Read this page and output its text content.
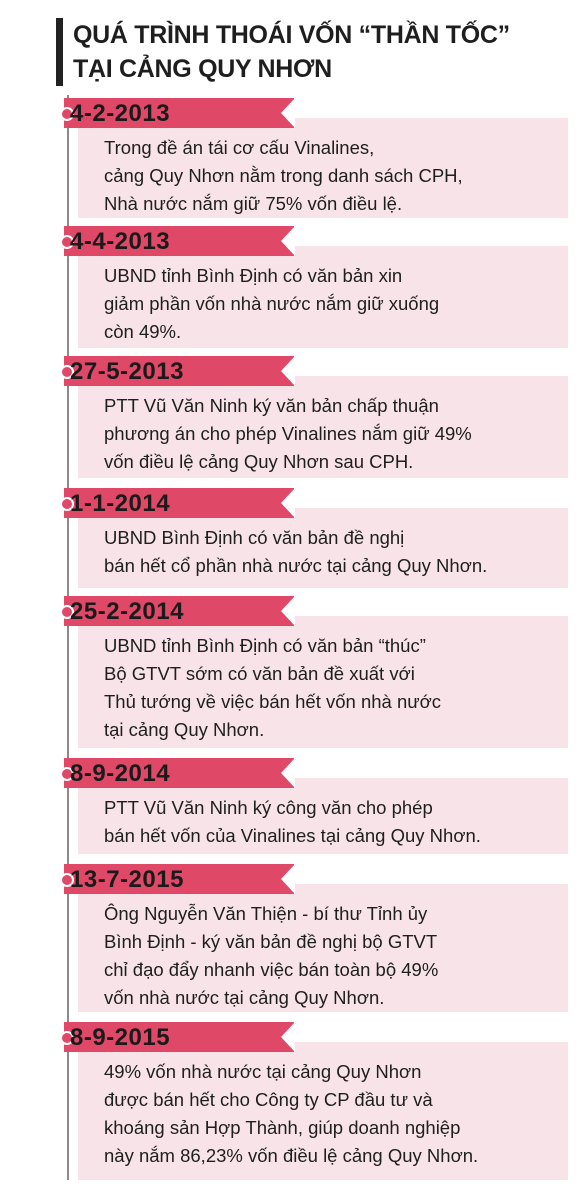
QUÁ TRÌNH THOÁI VỐN “THẦN TỐC”
TẠI CẢNG QUY NHƠN
4-2-2013
Trong đề án tái cơ cấu Vinalines,
cảng Quy Nhơn nằm trong danh sách CPH,
Nhà nước nắm giữ 75% vốn điều lệ.
4-4-2013
UBND tỉnh Bình Định có văn bản xin
giảm phần vốn nhà nước nắm giữ xuống
còn 49%.
27-5-2013
PTT Vũ Văn Ninh ký văn bản chấp thuận
phương án cho phép Vinalines nắm giữ 49%
vốn điều lệ cảng Quy Nhơn sau CPH.
1-1-2014
UBND Bình Định có văn bản đề nghị
bán hết cổ phần nhà nước tại cảng Quy Nhơn.
25-2-2014
UBND tỉnh Bình Định có văn bản “thúc”
Bộ GTVT sớm có văn bản đề xuất với
Thủ tướng về việc bán hết vốn nhà nước
tại cảng Quy Nhơn.
8-9-2014
PTT Vũ Văn Ninh ký công văn cho phép
bán hết vốn của Vinalines tại cảng Quy Nhơn.
13-7-2015
Ông Nguyễn Văn Thiện - bí thư Tỉnh ủy
Bình Định - ký văn bản đề nghị bộ GTVT
chỉ đạo đẩy nhanh việc bán toàn bộ 49%
vốn nhà nước tại cảng Quy Nhơn.
8-9-2015
49% vốn nhà nước tại cảng Quy Nhơn
được bán hết cho Công ty CP đầu tư và
khoáng sản Hợp Thành, giúp doanh nghiệp
này nắm 86,23% vốn điều lệ cảng Quy Nhơn.
